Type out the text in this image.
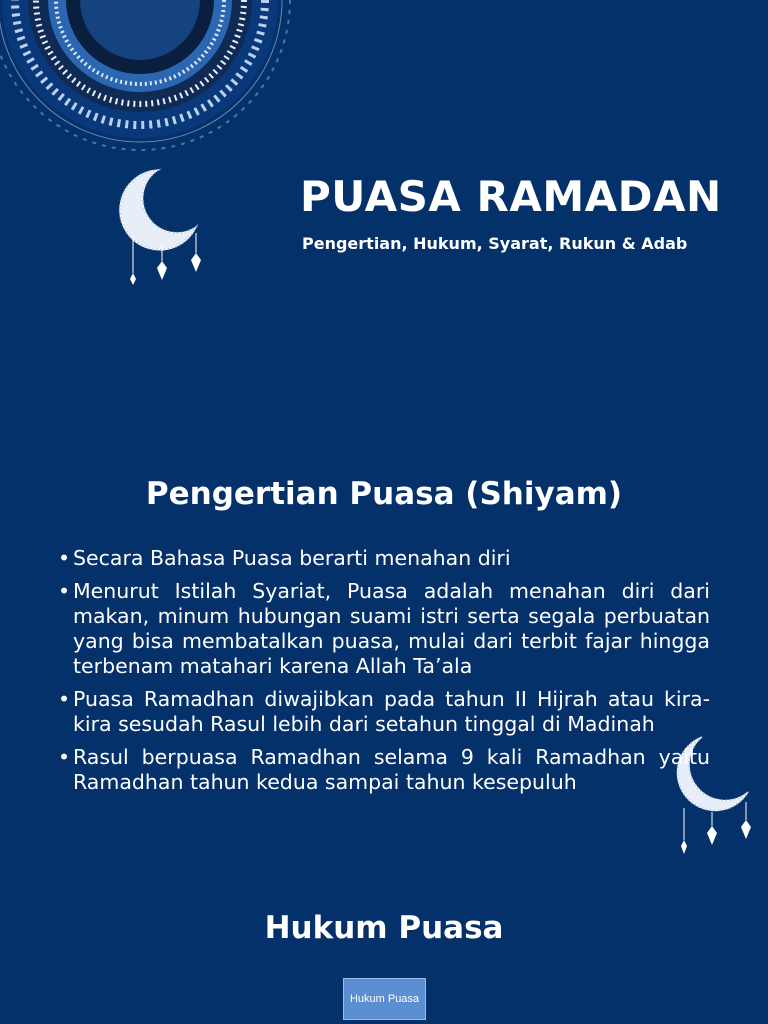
PUASA RAMADAN

Pengertian, Hukum, Syarat, Rukun & Adab

Pengertian Puasa (Shiyam)
• Secara Bahasa Puasa berarti menahan diri
• Menurut Istilah Syariat, Puasa adalah menahan diri dari makan, minum hubungan suami istri serta segala perbuatan yang bisa membatalkan puasa, mulai dari terbit fajar hingga terbenam matahari karena Allah Ta’ala
• Puasa Ramadhan diwajibkan pada tahun II Hijrah atau kira-kira sesudah Rasul lebih dari setahun tinggal di Madinah
• Rasul berpuasa Ramadhan selama 9 kali Ramadhan yaitu Ramadhan tahun kedua sampai tahun kesepuluh
Hukum Puasa
Hukum Puasa
